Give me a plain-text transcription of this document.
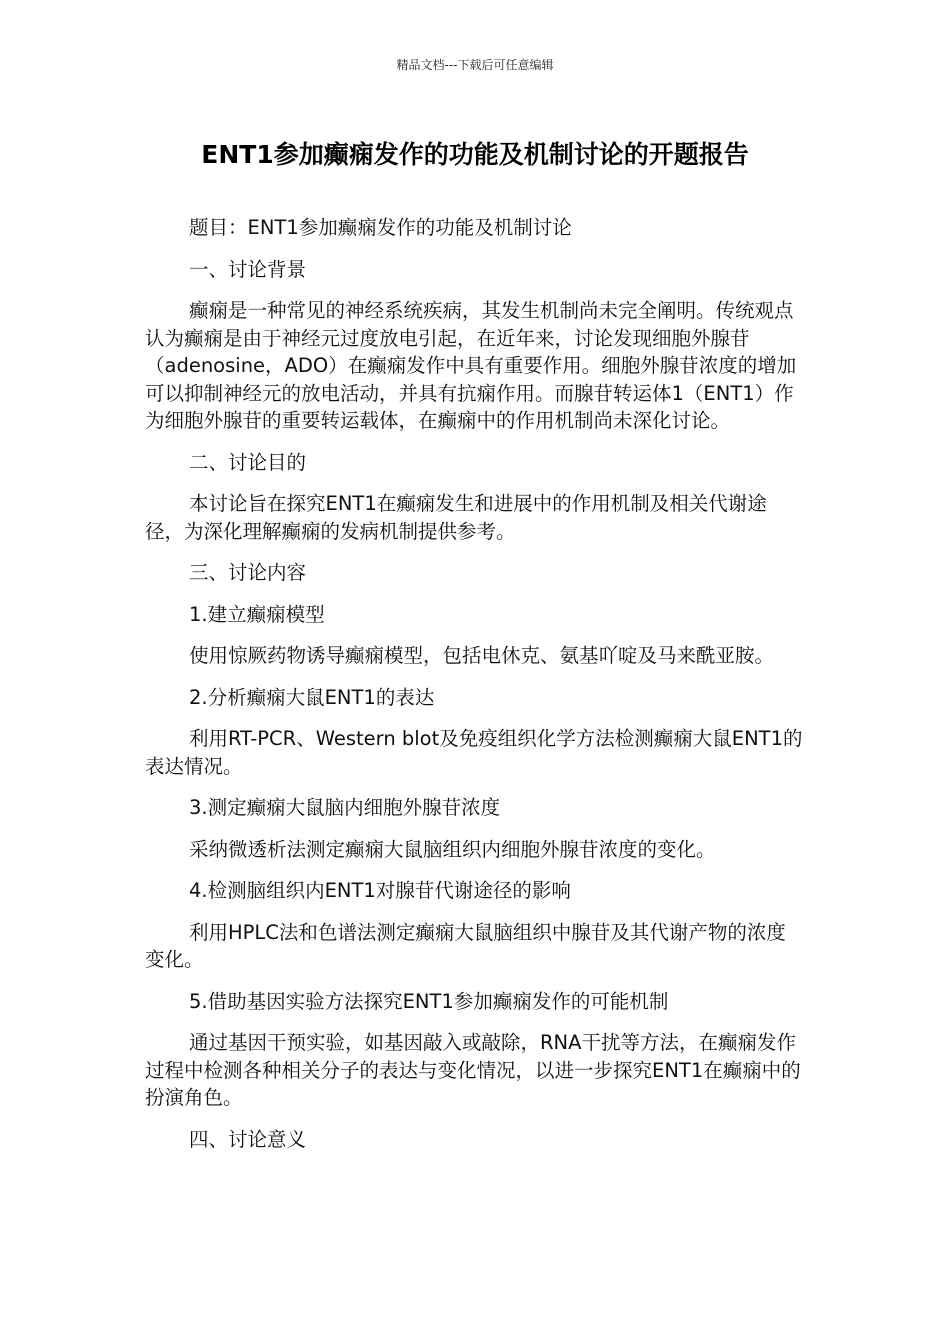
精品文档---下载后可任意编辑
ENT1参加癫痫发作的功能及机制讨论的开题报告

题目：ENT1参加癫痫发作的功能及机制讨论

一、讨论背景

癫痫是一种常见的神经系统疾病，其发生机制尚未完全阐明。传统观点认为癫痫是由于神经元过度放电引起，在近年来，讨论发现细胞外腺苷（adenosine，ADO）在癫痫发作中具有重要作用。细胞外腺苷浓度的增加可以抑制神经元的放电活动，并具有抗痫作用。而腺苷转运体1（ENT1）作为细胞外腺苷的重要转运载体，在癫痫中的作用机制尚未深化讨论。

二、讨论目的

本讨论旨在探究ENT1在癫痫发生和进展中的作用机制及相关代谢途径，为深化理解癫痫的发病机制提供参考。

三、讨论内容

1.建立癫痫模型

使用惊厥药物诱导癫痫模型，包括电休克、氨基吖啶及马来酰亚胺。

2.分析癫痫大鼠ENT1的表达

利用RT-PCR、Western blot及免疫组织化学方法检测癫痫大鼠ENT1的表达情况。

3.测定癫痫大鼠脑内细胞外腺苷浓度

采纳微透析法测定癫痫大鼠脑组织内细胞外腺苷浓度的变化。

4.检测脑组织内ENT1对腺苷代谢途径的影响

利用HPLC法和色谱法测定癫痫大鼠脑组织中腺苷及其代谢产物的浓度变化。

5.借助基因实验方法探究ENT1参加癫痫发作的可能机制

通过基因干预实验，如基因敲入或敲除，RNA干扰等方法，在癫痫发作过程中检测各种相关分子的表达与变化情况，以进一步探究ENT1在癫痫中的扮演角色。

四、讨论意义
